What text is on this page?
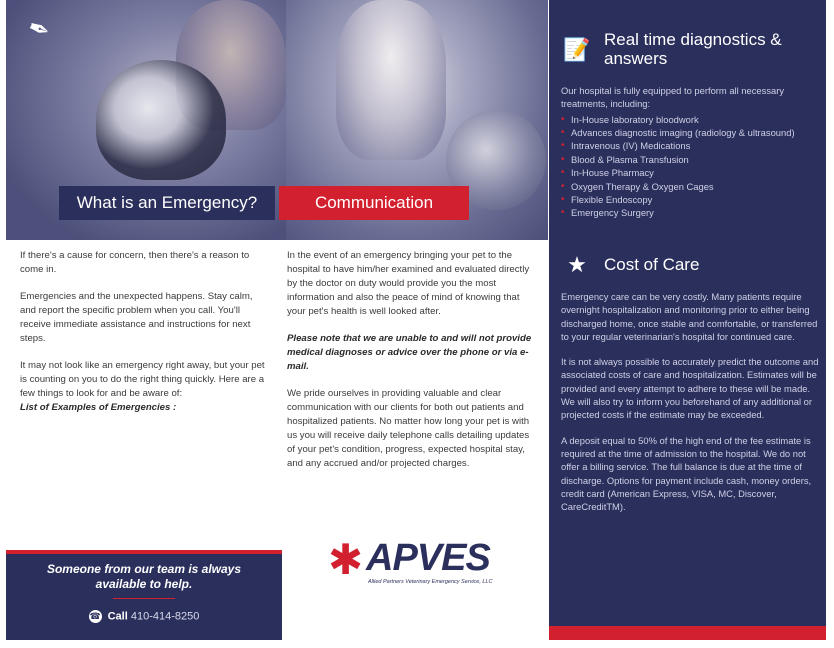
✒
What is an Emergency?	Communication

If there's a cause for concern, then there's a reason to come in.

Emergencies and the unexpected happens. Stay calm, and report the specific problem when you call. You'll receive immediate assistance and instructions for next steps.

It may not look like an emergency right away, but your pet is counting on you to do the right thing quickly. Here are a few things to look for and be aware of:

List of Examples of Emergencies :

In the event of an emergency bringing your pet to the hospital to have him/her examined and evaluated directly by the doctor on duty would provide you the most information and also the peace of mind of knowing that your pet's health is well looked after.

Please note that we are unable to and will not provide medical diagnoses or advice over the phone or via e-mail.

We pride ourselves in providing valuable and clear communication with our clients for both out patients and hospitalized patients. No matter how long your pet is with us you will receive daily telephone calls detailing updates of your pet's condition, progress, expected hospital stay, and any accrued and/or projected charges.

Someone from our team is always available to help.
☎ Call 410-414-8250
✱ APVES
Allied Partners Veterinary Emergency Service, LLC
📝 Real time diagnostics & answers
Our hospital is fully equipped to perform all necessary treatments, including:
• In-House laboratory bloodwork
• Advances diagnostic imaging (radiology & ultrasound)
• Intravenous (IV) Medications
• Blood & Plasma Transfusion
• In-House Pharmacy
• Oxygen Therapy & Oxygen Cages
• Flexible Endoscopy
• Emergency Surgery
★ Cost of Care

Emergency care can be very costly. Many patients require overnight hospitalization and monitoring prior to either being discharged home, once stable and comfortable, or transferred to your regular veterinarian's hospital for continued care.

It is not always possible to accurately predict the outcome and associated costs of care and hospitalization. Estimates will be provided and every attempt to adhere to these will be made. We will also try to inform you beforehand of any additional or projected costs if the estimate may be exceeded.

A deposit equal to 50% of the high end of the fee estimate is required at the time of admission to the hospital. We do not offer a billing service. The full balance is due at the time of discharge. Options for payment include cash, money orders, credit card (American Express, VISA, MC, Discover, CareCreditTM).
